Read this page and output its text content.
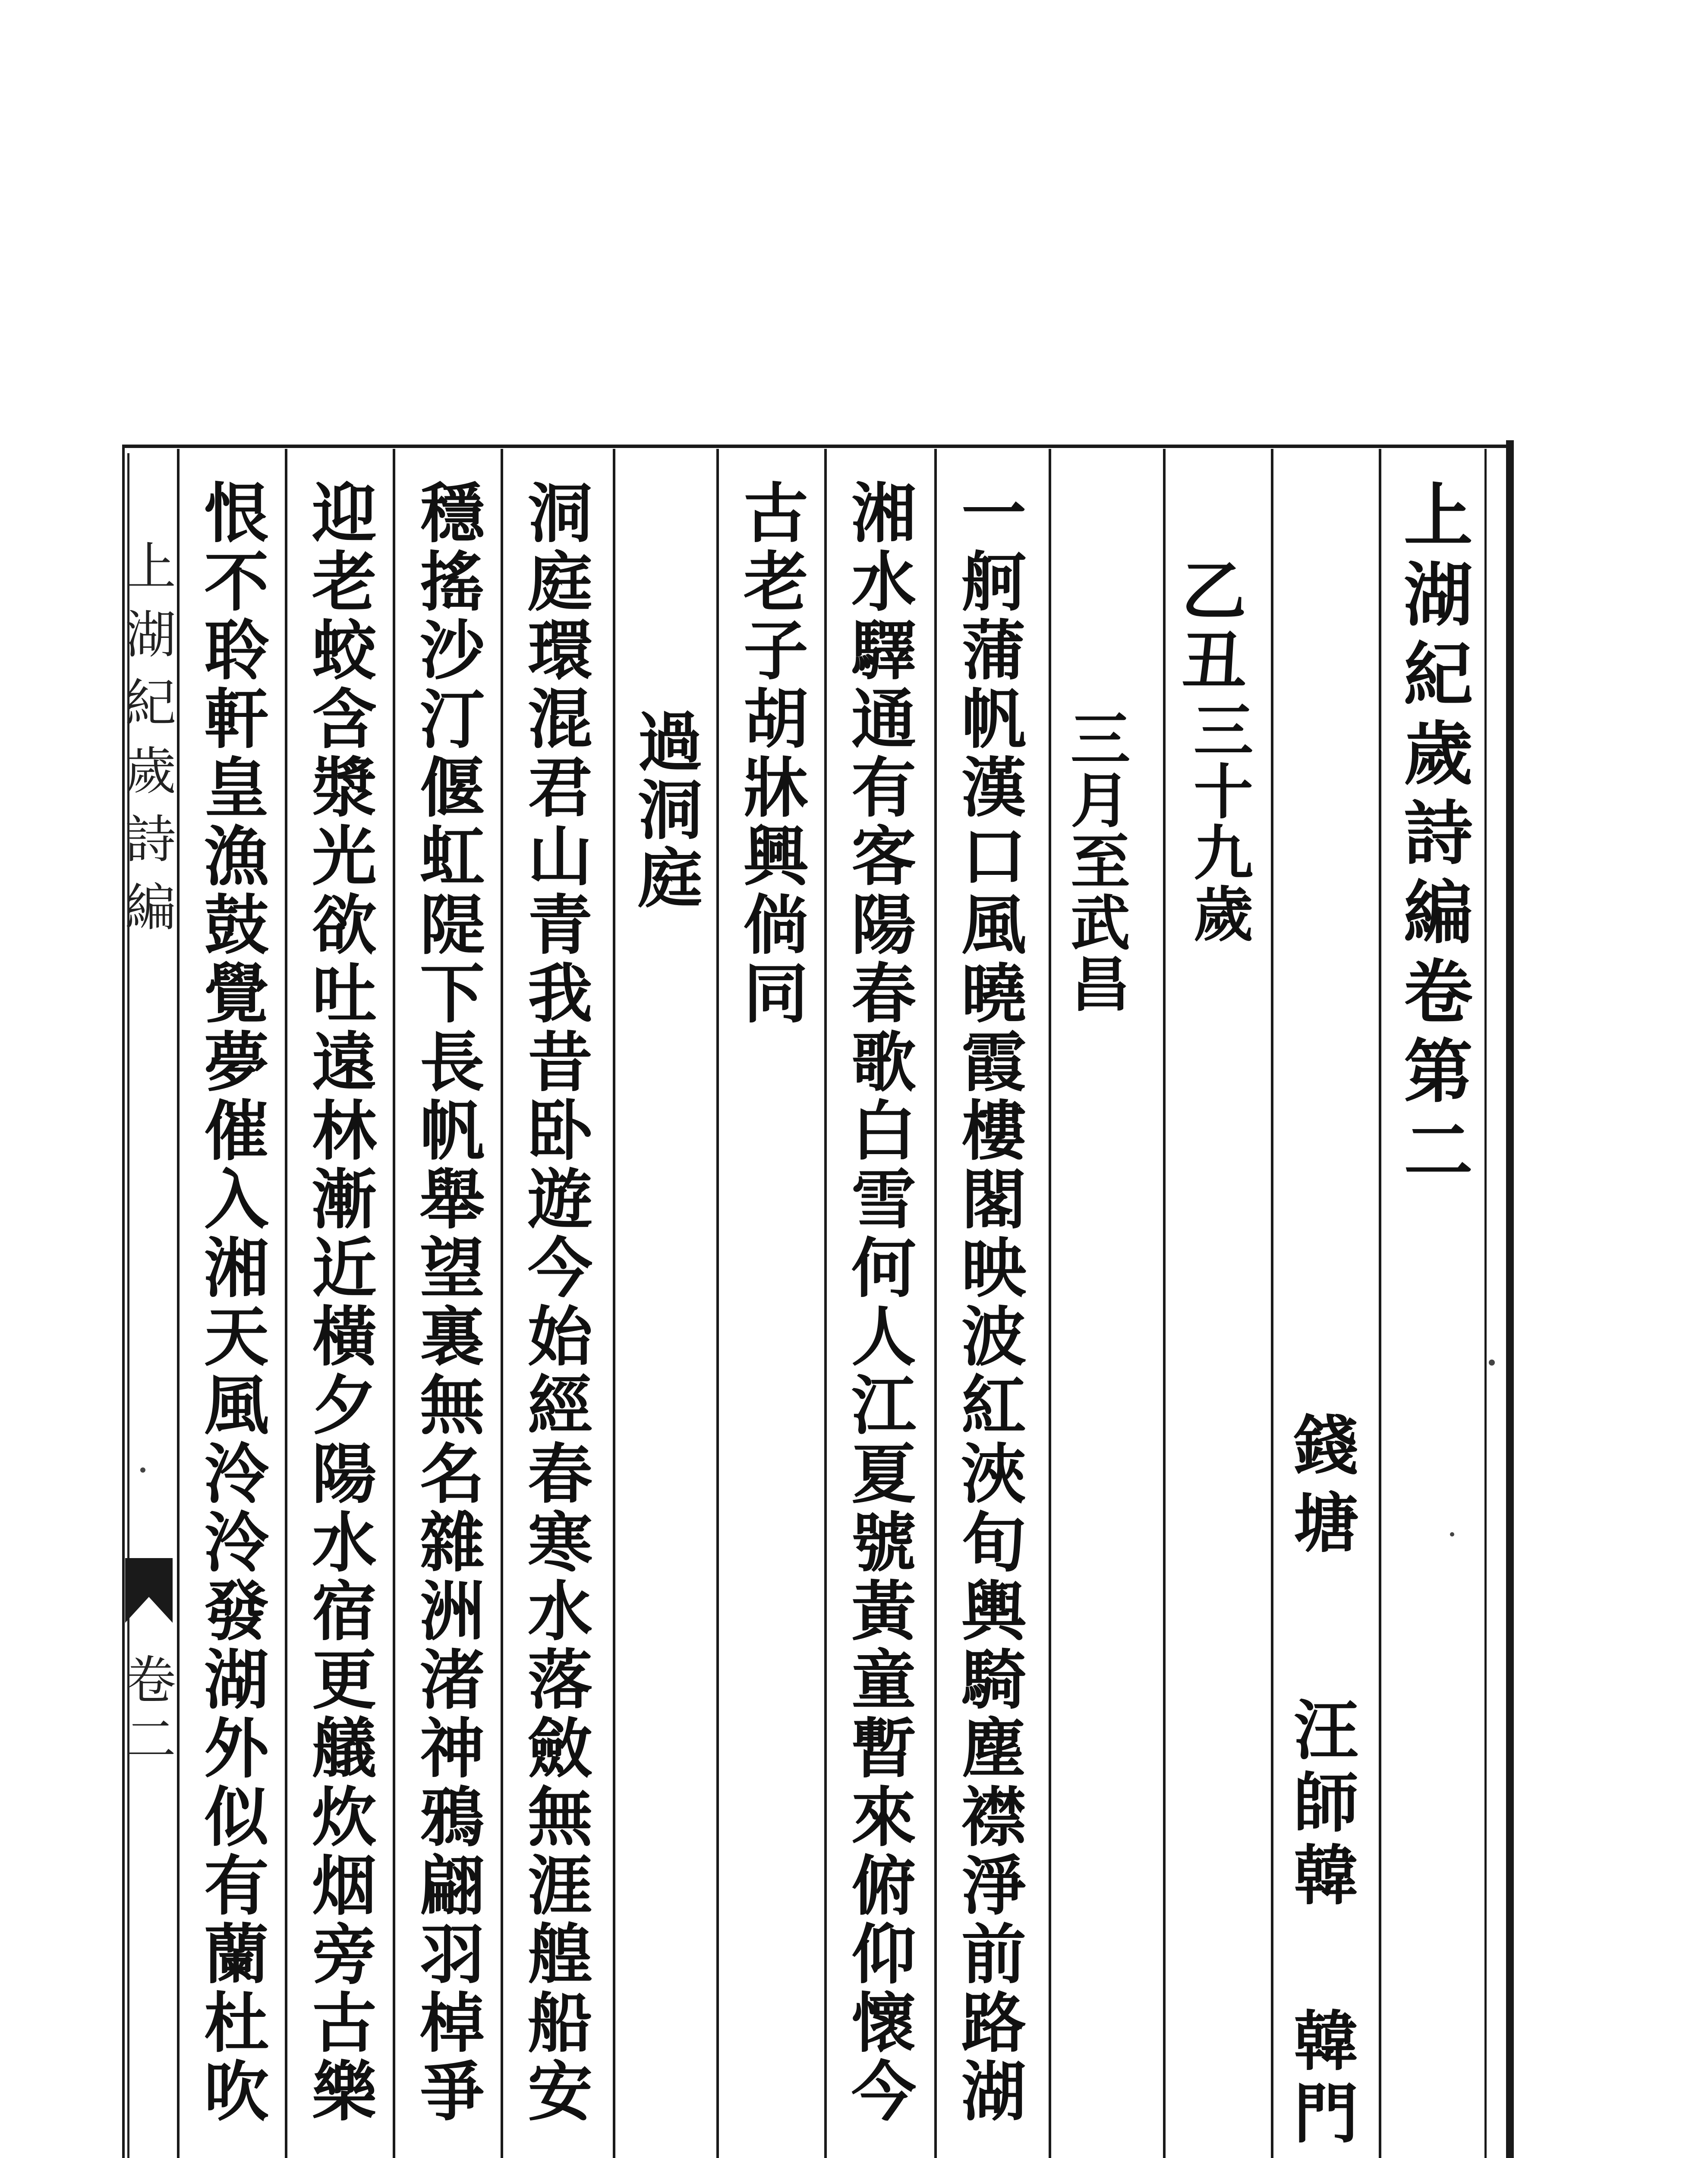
上湖紀歲詩編卷第二
錢塘
汪師韓
韓門
乙丑
三十九歲
三月至武昌
一舸蒲帆漢口風曉霞樓閣映波紅浹旬輿騎塵襟淨前路湖
湘水驛通有客陽春歌白雪何人江夏號黃童暫來俯仰懷今
古老子胡牀興倘同
過洞庭
洞庭環混君山青我昔卧遊今始經春寒水落斂無涯艎船安
穩搖沙汀偃虹隄下長帆舉望裏無名雜洲渚神鴉翩羽棹爭
迎老蛟含漿光欲吐遠林漸近橫夕陽水宿更艤炊烟旁古樂
恨不聆軒皇漁鼓覺夢催入湘天風泠泠發湖外似有蘭杜吹
上湖紀歲詩編
卷二
